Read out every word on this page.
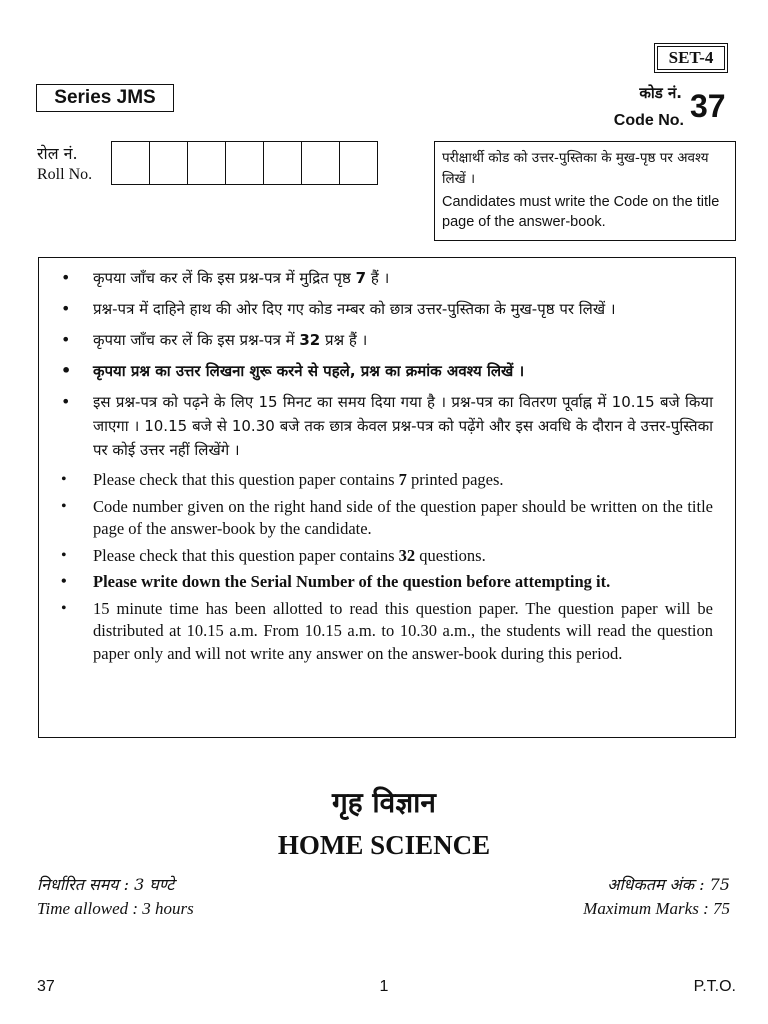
SET-4
Series JMS	कोड नं.
Code No. 37
रोल नं.
Roll No.
परीक्षार्थी कोड को उत्तर-पुस्तिका के मुख-पृष्ठ पर अवश्य लिखें ।
Candidates must write the Code on the title page of the answer-book.
• कृपया जाँच कर लें कि इस प्रश्न-पत्र में मुद्रित पृष्ठ 7 हैं ।
• प्रश्न-पत्र में दाहिने हाथ की ओर दिए गए कोड नम्बर को छात्र उत्तर-पुस्तिका के मुख-पृष्ठ पर लिखें ।
• कृपया जाँच कर लें कि इस प्रश्न-पत्र में 32 प्रश्न हैं ।
• कृपया प्रश्न का उत्तर लिखना शुरू करने से पहले, प्रश्न का क्रमांक अवश्य लिखें ।
• इस प्रश्न-पत्र को पढ़ने के लिए 15 मिनट का समय दिया गया है । प्रश्न-पत्र का वितरण पूर्वाह्न में 10.15 बजे किया जाएगा । 10.15 बजे से 10.30 बजे तक छात्र केवल प्रश्न-पत्र को पढ़ेंगे और इस अवधि के दौरान वे उत्तर-पुस्तिका पर कोई उत्तर नहीं लिखेंगे ।
• Please check that this question paper contains 7 printed pages.
• Code number given on the right hand side of the question paper should be written on the title page of the answer-book by the candidate.
• Please check that this question paper contains 32 questions.
• Please write down the Serial Number of the question before attempting it.
• 15 minute time has been allotted to read this question paper. The question paper will be distributed at 10.15 a.m. From 10.15 a.m. to 10.30 a.m., the students will read the question paper only and will not write any answer on the answer-book during this period.
गृह विज्ञान
HOME SCIENCE
निर्धारित समय : 3 घण्टे
Time allowed : 3 hours
अधिकतम अंक : 75
Maximum Marks : 75
37	1	P.T.O.
